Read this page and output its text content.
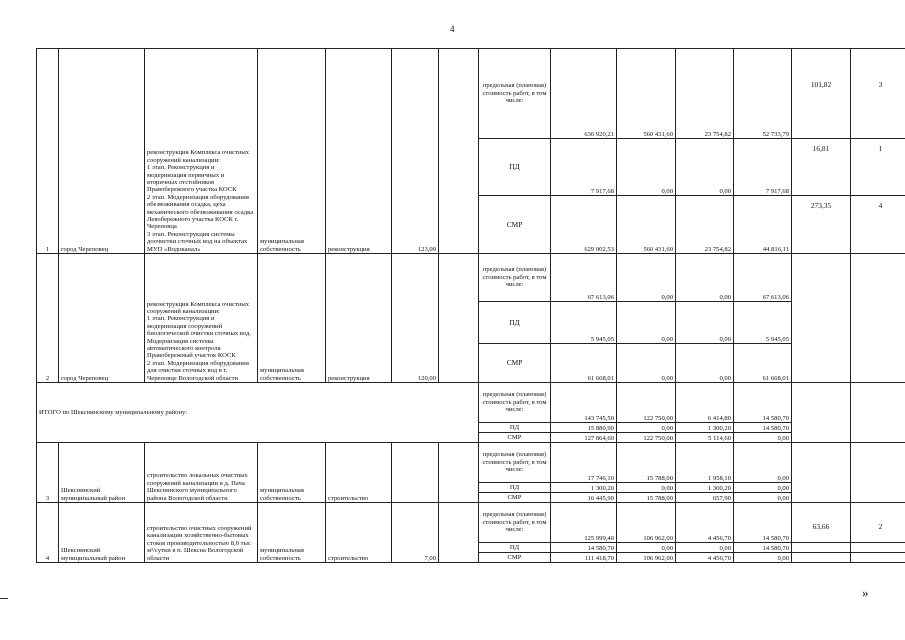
4
1	город Череповец	реконструкция Комплекса очистных сооружений канализации:
1 этап. Реконструкция и модернизация первичных и вторичных отстойников Правобережного участка КОСК
2 этап. Модернизация оборудования обезвоживания осадка, цеха механического обезвоживания осадка Левобережного участка КОСК г. Череповца
3 этап. Реконструкция системы доочистки сточных вод на объектах МУП «Водоканал»	муниципальная собственность	реконструкция	123,00		предельная (плановая) стоимость работ, в том числе:	636 920,21	560 431,60	23 754,82	52 733,79	101,82	3
							ПД	7 917,68	0,00	0,00	7 917,68	16,81	1
							СМР	629 002,53	560 431,60	23 754,82	44 816,11	273,35	4
2	город Череповец	реконструкция Комплекса очистных сооружений канализации:
1 этап. Реконструкция и модернизация сооружений биологической очистки сточных вод. Модернизация системы автоматического контроля Правобережный участок КОСК
2 этап. Модернизация оборудования для очистки сточных вод в г. Череповце Вологодской области	муниципальная собственность	реконструкция	120,00		предельная (плановая) стоимость работ, в том числе:	67 613,06	0,00	0,00	67 613,06		
							ПД	5 945,05	0,00	0,00	5 945,05		
							СМР	61 668,01	0,00	0,00	61 668,01		
ИТОГО по Шекснинскому муниципальному району:							предельная (плановая) стоимость работ, в том числе:	143 745,50	122 750,00	6 414,80	14 580,70		
							ПД	15 880,90	0,00	1 300,20	14 580,70		
							СМР	127 864,60	122 750,00	5 114,60	0,00		
3	Шекснинский муниципальный район	строительство локальных очистных сооружений канализации в д. Пача Шекснинского муниципального района Вологодской области	муниципальная собственность	строительство			предельная (плановая) стоимость работ, в том числе:	17 746,10	15 788,00	1 958,10	0,00		
							ПД	1 300,20	0,00	1 300,20	0,00		
							СМР	16 445,90	15 788,00	657,90	0,00		
4	Шекснинский муниципальный район	строительство очистных сооружений канализации хозяйственно-бытовых стоков производительностью 8,0 тыс м³/сутки в п. Шексна Вологодской области	муниципальная собственность	строительство	7,00		предельная (плановая) стоимость работ, в том числе:	125 999,40	106 962,00	4 456,70	14 580,70	63,66	2
							ПД	14 580,70	0,00	0,00	14 580,70		
							СМР	111 418,70	106 962,00	4 456,70	0,00		
»
